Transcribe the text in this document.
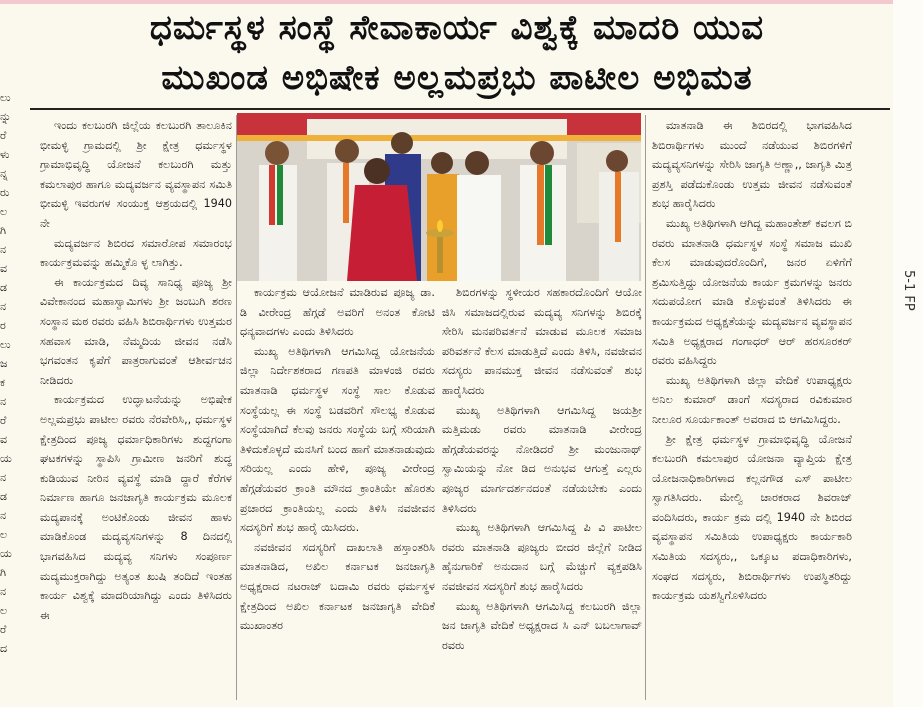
ಲು
ನ್ನು
ರೆ
ಳು
ನ್ನ
ರು
ಲ
ಗಿ
ನ
ವ
ಡ
ನ
ರ
ಲು
ಜ
ಕ
ನ
ರೆ
ವ
ಯ
ನ
ಡ
ನ
ಲ
ಯ
ಗಿ
ನ
ಲ
ರೆ
ದ
ಧರ್ಮಸ್ಥಳ ಸಂಸ್ಥೆ ಸೇವಾಕಾರ್ಯ ವಿಶ್ವಕ್ಕೆ ಮಾದರಿ ಯುವ
ಮುಖಂಡ ಅಭಿಷೇಕ ಅಲ್ಲಮಪ್ರಭು ಪಾಟೀಲ ಅಭಿಮತ

ಇಂದು ಕಲಬುರಗಿ ಜಿಲ್ಲೆಯ ಕಲಬುರಗಿ ತಾಲೂಕಿನ ಭೀಮಳ್ಳಿ ಗ್ರಾಮದಲ್ಲಿ ಶ್ರೀ ಕ್ಷೇತ್ರ ಧರ್ಮಸ್ಥಳ ಗ್ರಾಮಾಭಿವೃದ್ಧಿ ಯೋಜನೆ ಕಲಬುರಗಿ ಮತ್ತು ಕಮಲಾಪುರ ಹಾಗೂ ಮದ್ಯವರ್ಜನ ವ್ಯವಸ್ಥಾಪನ ಸಮಿತಿ ಭೀಮಳ್ಳಿ ಇವರುಗಳ ಸಂಯುಕ್ತ ಆಶ್ರಯದಲ್ಲಿ 1940 ನೇ

ಮದ್ಯವರ್ಜನ ಶಿಬಿರದ ಸಮಾರೋಪ ಸಮಾರಂಭ ಕಾರ್ಯಕ್ರಮವನ್ನು ಹಮ್ಮಿಕೊ ಳ್ಳ ಲಾಗಿತ್ತು.

ಈ ಕಾರ್ಯಕ್ರಮದ ದಿವ್ಯ ಸಾನಿಧ್ಯ ಪೂಜ್ಯ ಶ್ರೀ ವಿವೇಕಾನಂದ ಮಹಾಸ್ವಾಮಿಗಳು ಶ್ರೀ ಜಂಬುಗಿ ಶರಣ ಸಂಸ್ಥಾನ ಮಠ ರವರು ವಹಿಸಿ ಶಿಬಿರಾರ್ಥಿಗಳು ಉತ್ತಮರ ಸಹವಾಸ ಮಾಡಿ, ನೆಮ್ಮದಿಯ ಜೀವನ ನಡೆಸಿ ಭಗವಂತನ ಕೃಪೆಗೆ ಪಾತ್ರರಾಗುವಂತೆ ಆಶೀರ್ವಚನ ನೀಡಿದರು

ಕಾರ್ಯಕ್ರಮದ ಉದ್ಘಾಟನೆಯನ್ನು ಅಭಿಷೇಕ ಅಲ್ಲಮಪ್ರಭು ಪಾಟೀಲ ರವರು ನೆರವೇರಿಸಿ,, ಧರ್ಮಸ್ಥಳ ಕ್ಷೇತ್ರದಿಂದ ಪೂಜ್ಯ ಧರ್ಮಾಧಿಕಾರಿಗಳು ಶುದ್ದಗಂಗಾ ಘಟಕಗಳನ್ನು ಸ್ಥಾಪಿಸಿ ಗ್ರಾಮೀಣ ಜನರಿಗೆ ಶುದ್ಧ ಕುಡಿಯುವ ನೀರಿನ ವ್ಯವಸ್ಥೆ ಮಾಡಿ ದ್ದಾರೆ ಕೆರೆಗಳ ನಿರ್ಮಾಣ ಹಾಗೂ ಜನಜಾಗೃತಿ ಕಾರ್ಯಕ್ರಮ ಮೂಲಕ ಮದ್ಯಪಾನಕ್ಕೆ ಅಂಟಿಕೊಂಡು ಜೀವನ ಹಾಳು ಮಾಡಿಕೊಂಡ ಮದ್ಯವ್ಯಸನಿಗಳನ್ನು 8 ದಿನದಲ್ಲಿ ಭಾಗವಹಿಸಿದ ಮದ್ಯವ್ಯ ಸನಿಗಳು ಸಂಪೂರ್ಣ ಮದ್ಯಮುಕ್ತರಾಗಿದ್ದು ಅತ್ಯಂತ ಖುಷಿ ತಂದಿದೆ ಇಂತಹ ಕಾರ್ಯ ವಿಶ್ವಕ್ಕೆ ಮಾದರಿಯಾಗಿದ್ದು ಎಂದು ತಿಳಿಸಿದರು ಈ

ಕಾರ್ಯಕ್ರಮ ಆಯೋಜನೆ ಮಾಡಿರುವ ಪೂಜ್ಯ ಡಾ. ಡಿ ವೀರೇಂದ್ರ ಹೆಗ್ಗಡೆ ಅವರಿಗೆ ಅನಂತ ಕೋಟಿ ಧನ್ಯವಾದಗಳು ಎಂದು ತಿಳಿಸಿದರು

ಮುಖ್ಯ ಅತಿಥಿಗಳಾಗಿ ಆಗಮಿಸಿದ್ದ ಯೋಜನೆಯ ಜಿಲ್ಲಾ ನಿರ್ದೇಶಕರಾದ ಗಣಪತಿ ಮಾಳಂಜಿ ರವರು ಮಾತನಾಡಿ ಧರ್ಮಸ್ಥಳ ಸಂಸ್ಥೆ ಸಾಲ ಕೊಡುವ ಸಂಸ್ಥೆಯಲ್ಲ ಈ ಸಂಸ್ಥೆ ಬಡವರಿಗೆ ಸೌಲಭ್ಯ ಕೊಡುವ ಸಂಸ್ಥೆಯಾಗಿದೆ ಕೆಲವು ಜನರು ಸಂಸ್ಥೆಯ ಬಗ್ಗೆ ಸರಿಯಾಗಿ ತಿಳಿದುಕೊಳ್ಳದೆ ಮನಸಿಗೆ ಬಂದ ಹಾಗೆ ಮಾತನಾಡುವುದು ಸರಿಯಲ್ಲ ಎಂದು ಹೇಳಿ, ಪೂಜ್ಯ ವೀರೇಂದ್ರ ಹೆಗ್ಗಡೆಯವರ ಕ್ರಾಂತಿ ಮೌನದ ಕ್ರಾಂತಿಯೇ ಹೊರತು ಪ್ರಚಾರದ ಕ್ರಾಂತಿಯಲ್ಲ ಎಂದು ತಿಳಿಸಿ ನವಜೀವನ ಸದಸ್ಯರಿಗೆ ಶುಭ ಹಾರೈ ಯಿಸಿದರು.

ನವಜೀವನ ಸದಸ್ಯರಿಗೆ ದಾಖಲಾತಿ ಹಸ್ತಾಂತರಿಸಿ ಮಾತನಾಡಿದ, ಅಖಿಲ ಕರ್ನಾಟಕ ಜನಜಾಗೃತಿ ಅಧ್ಯಕ್ಷರಾದ ನಟರಾಜ್ ಬದಾಮಿ ರವರು ಧರ್ಮಸ್ಥಳ ಕ್ಷೇತ್ರದಿಂದ ಅಖಿಲ ಕರ್ನಾಟಕ ಜನಜಾಗೃತಿ ವೇದಿಕೆ ಮುಖಾಂತರ

ಶಿಬಿರಗಳನ್ನು ಸ್ಥಳೀಯರ ಸಹಕಾರದೊಂದಿಗೆ ಆಯೋ ಜಿಸಿ ಸಮಾಜದಲ್ಲಿರುವ ಮದ್ಯವ್ಯ ಸನಿಗಳನ್ನು ಶಿಬಿರಕ್ಕೆ ಸೇರಿಸಿ ಮನಪರಿವರ್ತನೆ ಮಾಡುವ ಮೂಲಕ ಸಮಾಜ ಪರಿವರ್ತನೆ ಕೆಲಸ ಮಾಡುತ್ತಿದೆ ಎಂದು ತಿಳಿಸಿ, ನವಜೀವನ ಸದಸ್ಯರು ಪಾನಮುಕ್ತ ಜೀವನ ನಡೆಸುವಂತೆ ಶುಭ ಹಾರೈಸಿದರು

ಮುಖ್ಯ ಅತಿಥಿಗಳಾಗಿ ಆಗಮಿಸಿದ್ದ ಜಯಶ್ರೀ ಮತ್ತಿಮಡು ರವರು ಮಾತನಾಡಿ ವೀರೇಂದ್ರ ಹೆಗ್ಗಡೆಯವರನ್ನು ನೋಡಿದರೆ ಶ್ರೀ ಮಂಜುನಾಥ್ ಸ್ವಾಮಿಯನ್ನು ನೋ ಡಿದ ಅನುಭವ ಆಗುತ್ತೆ ಎಲ್ಲರು ಪೂಜ್ಯರ ಮಾರ್ಗದರ್ಶನದಂತೆ ನಡೆಯಬೇಕು ಎಂದು ತಿಳಿಸಿದರು

ಮುಖ್ಯ ಅತಿಥಿಗಳಾಗಿ ಆಗಮಿಸಿದ್ದ ಪಿ ವಿ ಪಾಟೀಲ ರವರು ಮಾತನಾಡಿ ಪೂಜ್ಯರು ಬೀದರ ಜಿಲ್ಲೆಗೆ ನೀಡಿದ ಹೈನುಗಾರಿಕೆ ಅನುದಾನ ಬಗ್ಗೆ ಮೆಚ್ಚುಗೆ ವ್ಯಕ್ತಪಡಿಸಿ ನವಜೀವನ ಸದಸ್ಯರಿಗೆ ಶುಭ ಹಾರೈಸಿದರು

ಮುಖ್ಯ ಅತಿಥಿಗಳಾಗಿ ಆಗಮಿಸಿದ್ದ ಕಲಬುರಗಿ ಜಿಲ್ಲಾ ಜನ ಜಾಗೃತಿ ವೇದಿಕೆ ಅಧ್ಯಕ್ಷರಾದ ಸಿ ಎನ್ ಬಬಲಾಗಾವ್ ರವರು

ಮಾತನಾಡಿ ಈ ಶಿಬಿರದಲ್ಲಿ ಭಾಗವಹಿಸಿದ ಶಿಬಿರಾರ್ಥಿಗಳು ಮುಂದೆ ನಡೆಯುವ ಶಿಬಿರಗಳಿಗೆ ಮದ್ಯವ್ಯಸನಿಗಳನ್ನು ಸೇರಿಸಿ ಜಾಗೃತಿ ಅಣ್ಣಾ,, ಜಾಗೃತಿ ಮಿತ್ರ ಪ್ರಶಸ್ತಿ ಪಡೆದುಕೊಂಡು ಉತ್ತಮ ಜೀವನ ನಡೆಸುವಂತೆ ಶುಭ ಹಾರೈಸಿದರು

ಮುಖ್ಯ ಅತಿಥಿಗಳಾಗಿ ಆಗಿದ್ದ ಮಹಾಂತೇಶ್ ಕವಲಗ ಬಿ ರವರು ಮಾತನಾಡಿ ಧರ್ಮಸ್ಥಳ ಸಂಸ್ಥೆ ಸಮಾಜ ಮುಖಿ ಕೆಲಸ ಮಾಡುವುದರೊಂದಿಗೆ, ಜನರ ಏಳಿಗೆಗೆ ಶ್ರಮಿಸುತ್ತಿದ್ದು ಯೋಜನೆಯ ಕಾರ್ಯ ಕ್ರಮಗಳನ್ನು ಜನರು ಸದುಪಯೋಗ ಮಾಡಿ ಕೊಳ್ಳುವಂತೆ ತಿಳಿಸಿದರು ಈ ಕಾರ್ಯಕ್ರಮದ ಅಧ್ಯಕ್ಷತೆಯನ್ನು ಮದ್ಯವರ್ಜನ ವ್ಯವಸ್ಥಾಪನ ಸಮಿತಿ ಅಧ್ಯಕ್ಷರಾದ ಗಂಗಾಧರ್ ಆರ್ ಹರಸೂರಕರ್ ರವರು ವಹಿಸಿದ್ದರು

ಮುಖ್ಯ ಅತಿಥಿಗಳಾಗಿ ಜಿಲ್ಲಾ ವೇದಿಕೆ ಉಪಾಧ್ಯಕ್ಷರು ಅನಿಲ ಕುಮಾರ್ ಡಾಂಗೆ ಸದಸ್ಯರಾದ ರವಿಕುಮಾರ ನೀಲೂರ ಸೂರ್ಯಕಾಂತ್ ಅವರಾದ ಬಿ ಆಗಮಿಸಿದ್ದರು.

ಶ್ರೀ ಕ್ಷೇತ್ರ ಧರ್ಮಸ್ಥಳ ಗ್ರಾಮಾಭಿವೃದ್ಧಿ ಯೋಜನೆ ಕಲಬುರಗಿ ಕಮಲಾಪುರ ಯೋಜನಾ ವ್ಯಾಪ್ತಿಯ ಕ್ಷೇತ್ರ ಯೋಜನಾಧಿಕಾರಿಗಳಾದ ಕಲ್ಲನಗೌಡ ಎಸ್ ಪಾಟೀಲ ಸ್ವಾಗತಿಸಿದರು. ಮೇಲ್ವಿ ಚಾರಕರಾದ ಶಿವರಾಜ್ ವಂದಿಸಿದರು, ಕಾರ್ಯ ಕ್ರಮ ದಲ್ಲಿ 1940 ನೇ ಶಿಬಿರದ ವ್ಯವಸ್ಥಾಪನ ಸಮಿತಿಯ ಉಪಾಧ್ಯಕ್ಷರು ಕಾರ್ಯಕಾರಿ ಸಮಿತಿಯ ಸದಸ್ಯರು,, ಒಕ್ಕೂಟ ಪದಾಧಿಕಾರಿಗಳು, ಸಂಘದ ಸದಸ್ಯರು, ಶಿಬಿರಾರ್ಥಿಗಳು ಉಪಸ್ಥಿತರಿದ್ದು ಕಾರ್ಯಕ್ರಮ ಯಶಸ್ವಿಗೊಳಿಸಿದರು

5-1 FP
